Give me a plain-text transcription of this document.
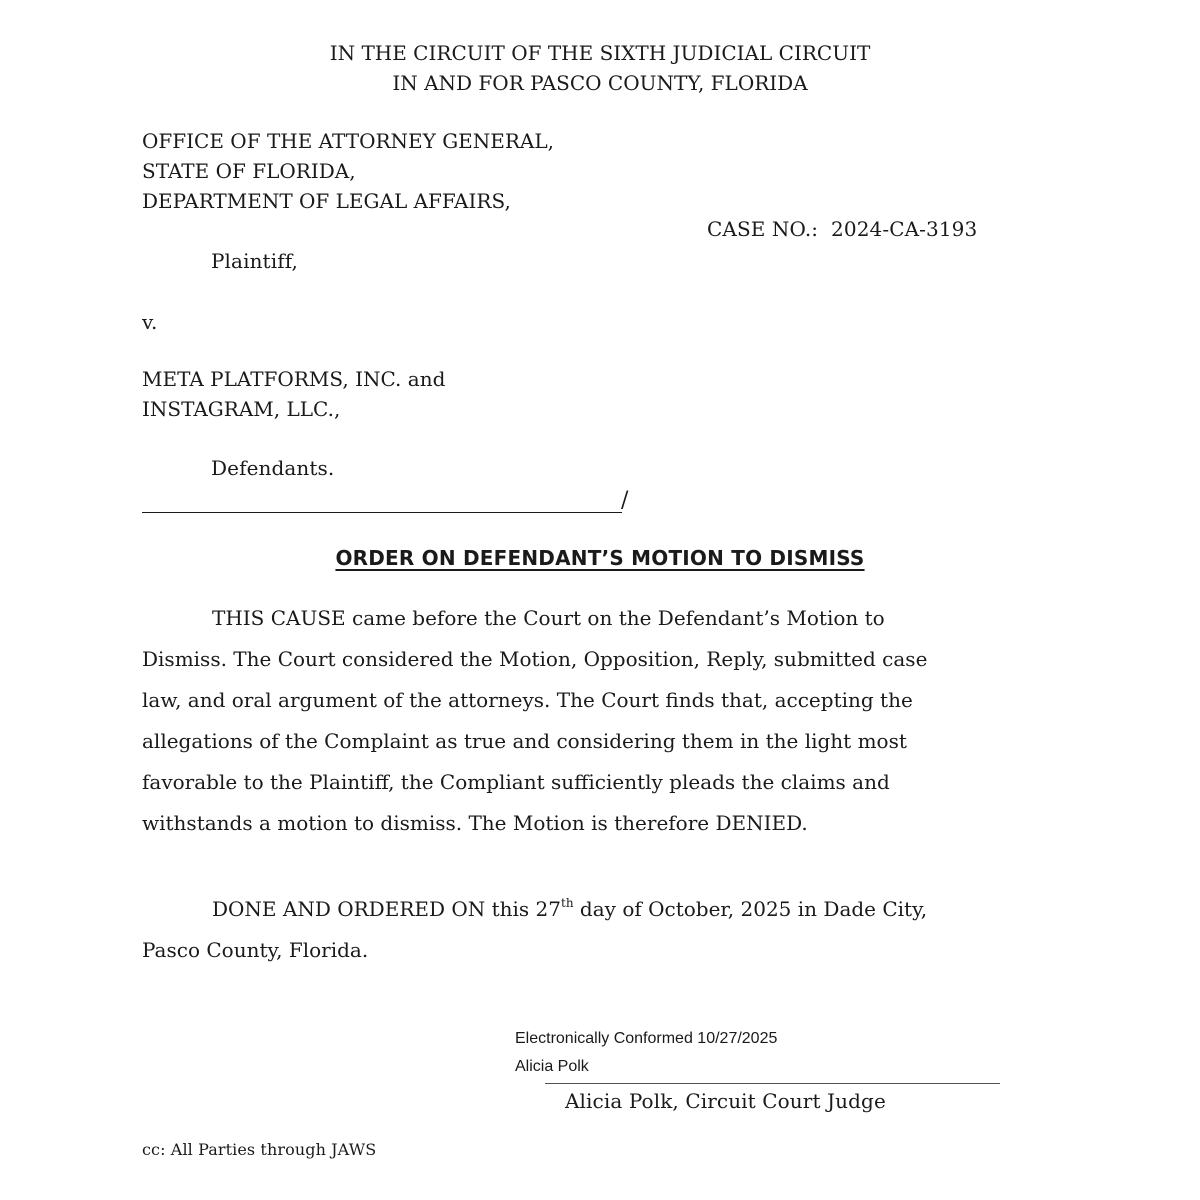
IN THE CIRCUIT OF THE SIXTH JUDICIAL CIRCUIT
IN AND FOR PASCO COUNTY, FLORIDA
OFFICE OF THE ATTORNEY GENERAL,
STATE OF FLORIDA,
DEPARTMENT OF LEGAL AFFAIRS,
CASE NO.: 2024-CA-3193
Plaintiff,
v.
META PLATFORMS, INC. and
INSTAGRAM, LLC.,
Defendants.
/
ORDER ON DEFENDANT’S MOTION TO DISMISS
THIS CAUSE came before the Court on the Defendant’s Motion to
Dismiss. The Court considered the Motion, Opposition, Reply, submitted case
law, and oral argument of the attorneys. The Court finds that, accepting the
allegations of the Complaint as true and considering them in the light most
favorable to the Plaintiff, the Compliant sufficiently pleads the claims and
withstands a motion to dismiss. The Motion is therefore DENIED.
DONE AND ORDERED ON this 27th day of October, 2025 in Dade City,
Pasco County, Florida.
Electronically Conformed 10/27/2025
Alicia Polk
Alicia Polk, Circuit Court Judge
cc: All Parties through JAWS
